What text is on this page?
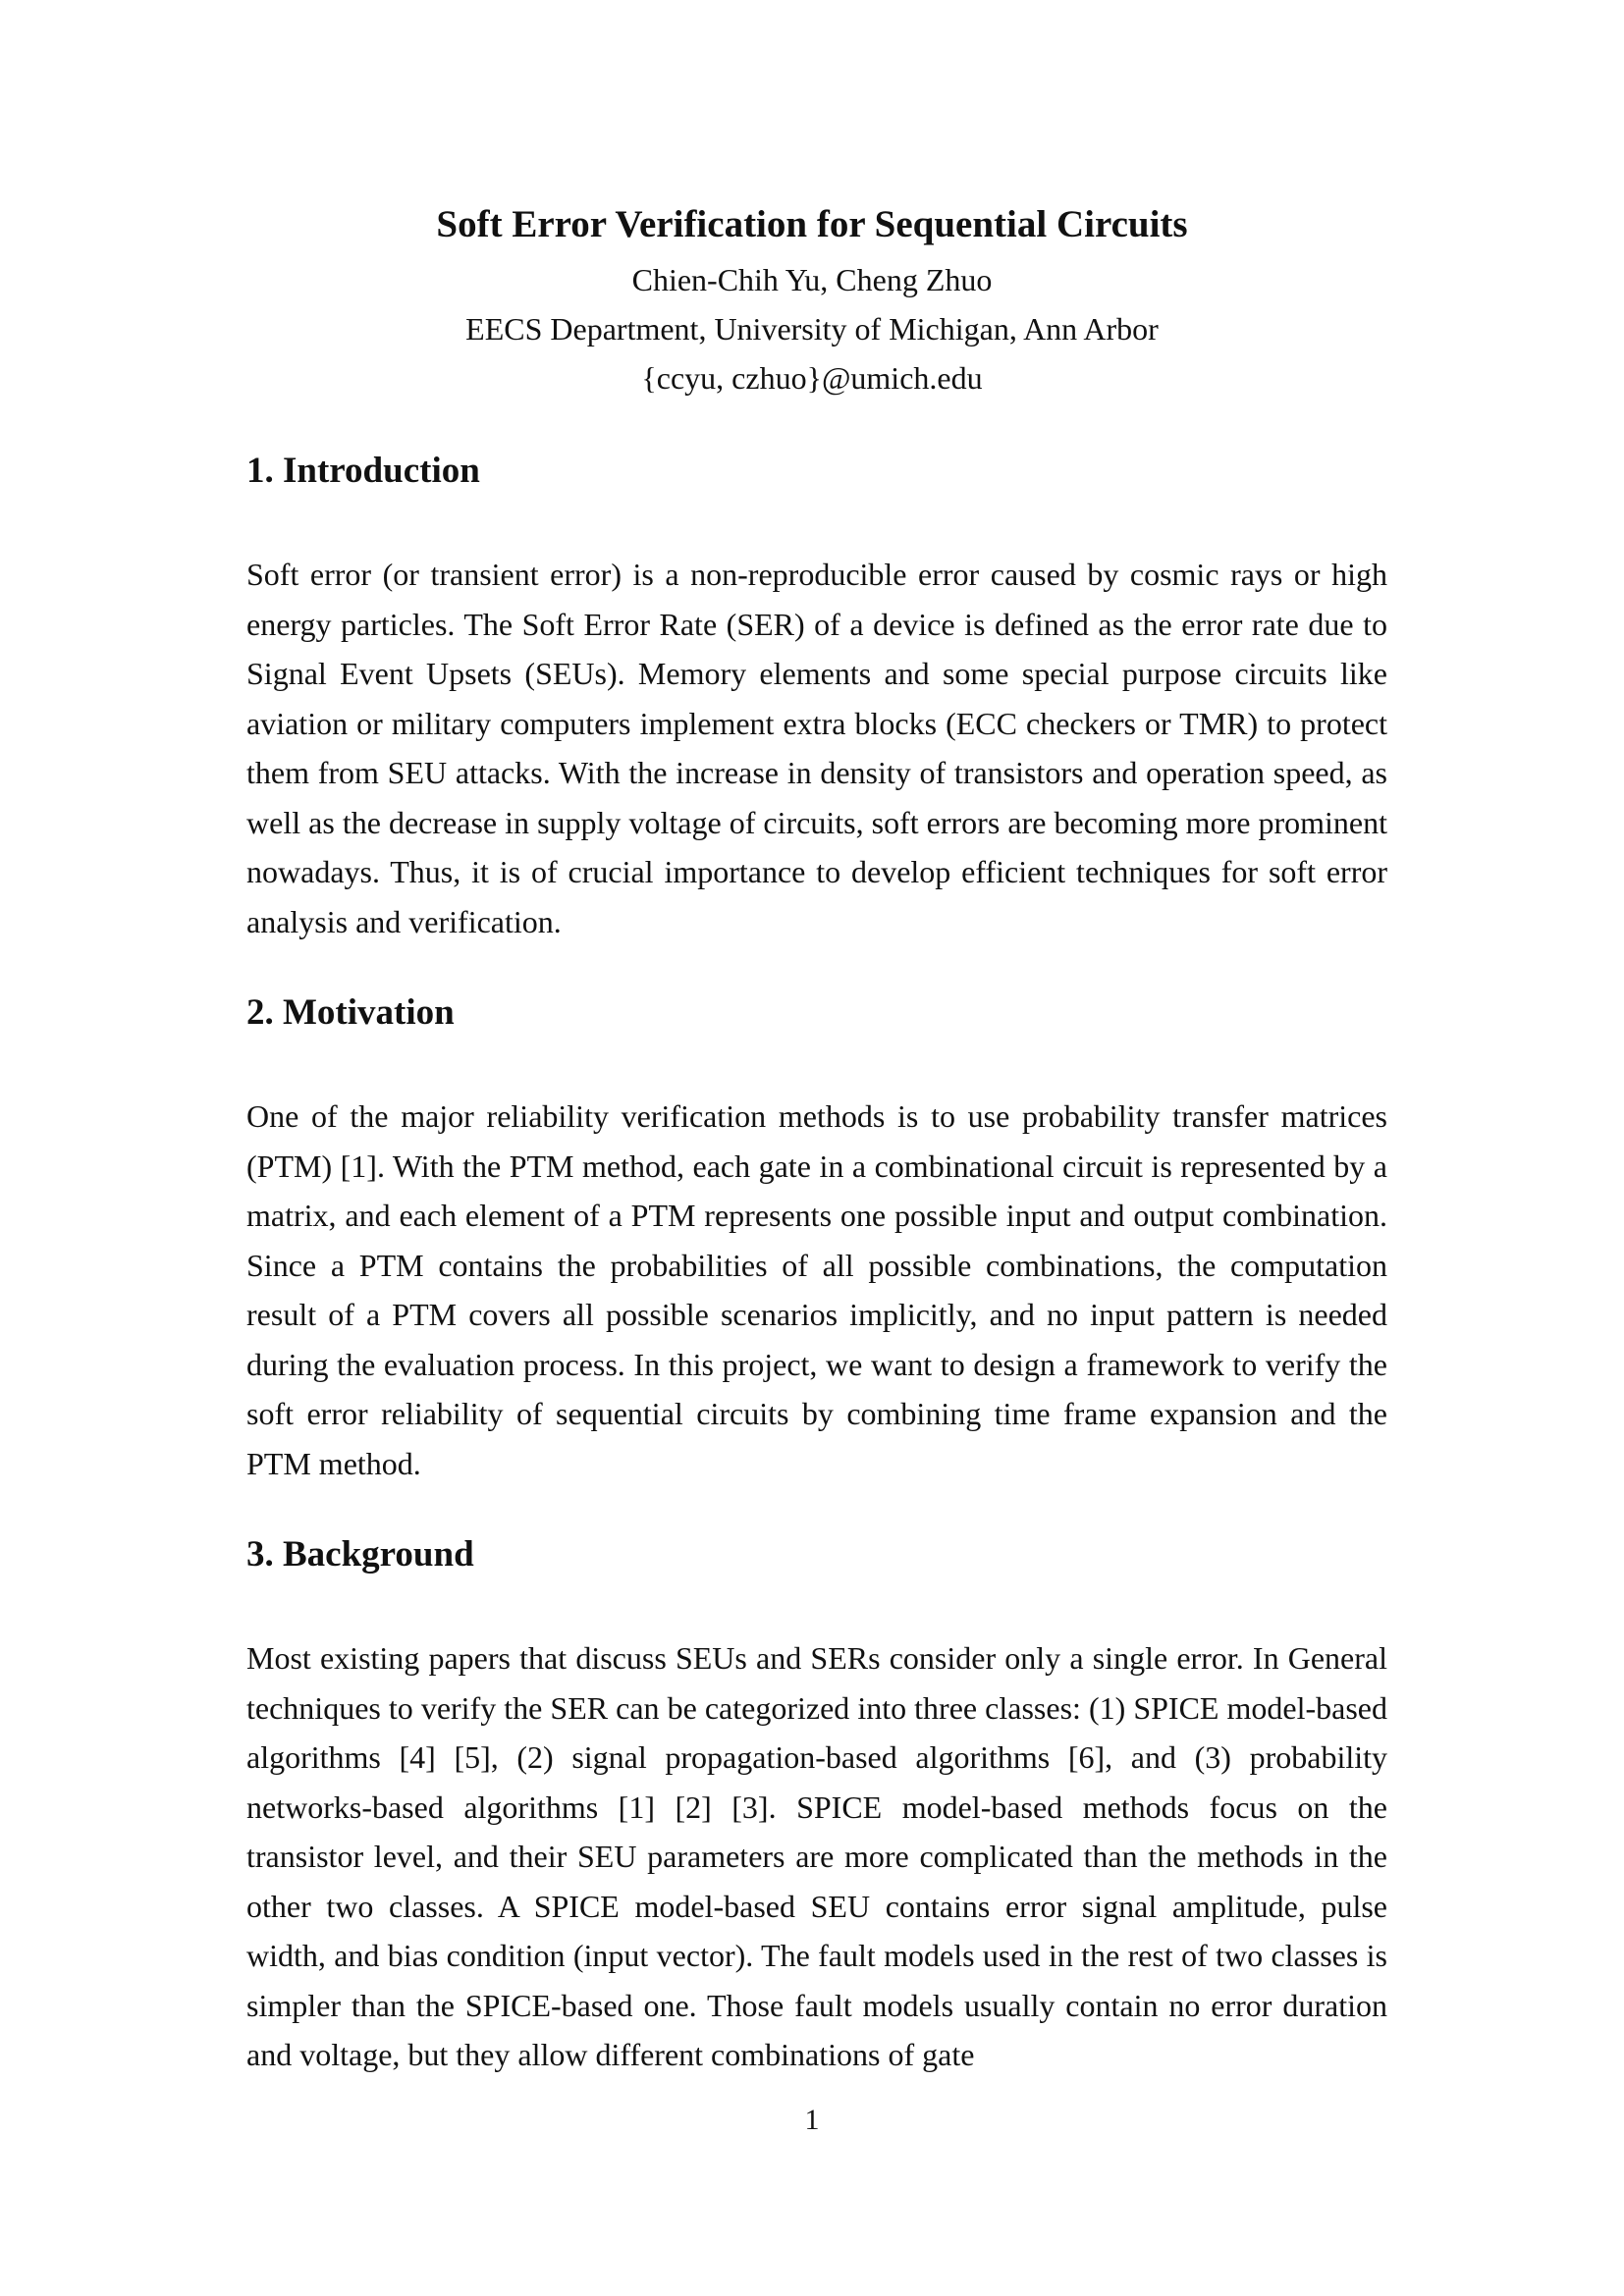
Soft Error Verification for Sequential Circuits

Chien-Chih Yu, Cheng Zhuo

EECS Department, University of Michigan, Ann Arbor

{ccyu, czhuo}@umich.edu

1. Introduction

Soft error (or transient error) is a non-reproducible error caused by cosmic rays or high energy particles. The Soft Error Rate (SER) of a device is defined as the error rate due to Signal Event Upsets (SEUs). Memory elements and some special purpose circuits like aviation or military computers implement extra blocks (ECC checkers or TMR) to protect them from SEU attacks. With the increase in density of transistors and operation speed, as well as the decrease in supply voltage of circuits, soft errors are becoming more prominent nowadays. Thus, it is of crucial importance to develop efficient techniques for soft error analysis and verification.

2. Motivation

One of the major reliability verification methods is to use probability transfer matrices (PTM) [1]. With the PTM method, each gate in a combinational circuit is represented by a matrix, and each element of a PTM represents one possible input and output combination. Since a PTM contains the probabilities of all possible combinations, the computation result of a PTM covers all possible scenarios implicitly, and no input pattern is needed during the evaluation process. In this project, we want to design a framework to verify the soft error reliability of sequential circuits by combining time frame expansion and the PTM method.

3. Background

Most existing papers that discuss SEUs and SERs consider only a single error. In General techniques to verify the SER can be categorized into three classes: (1) SPICE model-based algorithms [4] [5], (2) signal propagation-based algorithms [6], and (3) probability networks-based algorithms [1] [2] [3]. SPICE model-based methods focus on the transistor level, and their SEU parameters are more complicated than the methods in the other two classes. A SPICE model-based SEU contains error signal amplitude, pulse width, and bias condition (input vector). The fault models used in the rest of two classes is simpler than the SPICE-based one. Those fault models usually contain no error duration and voltage, but they allow different combinations of gate

1
